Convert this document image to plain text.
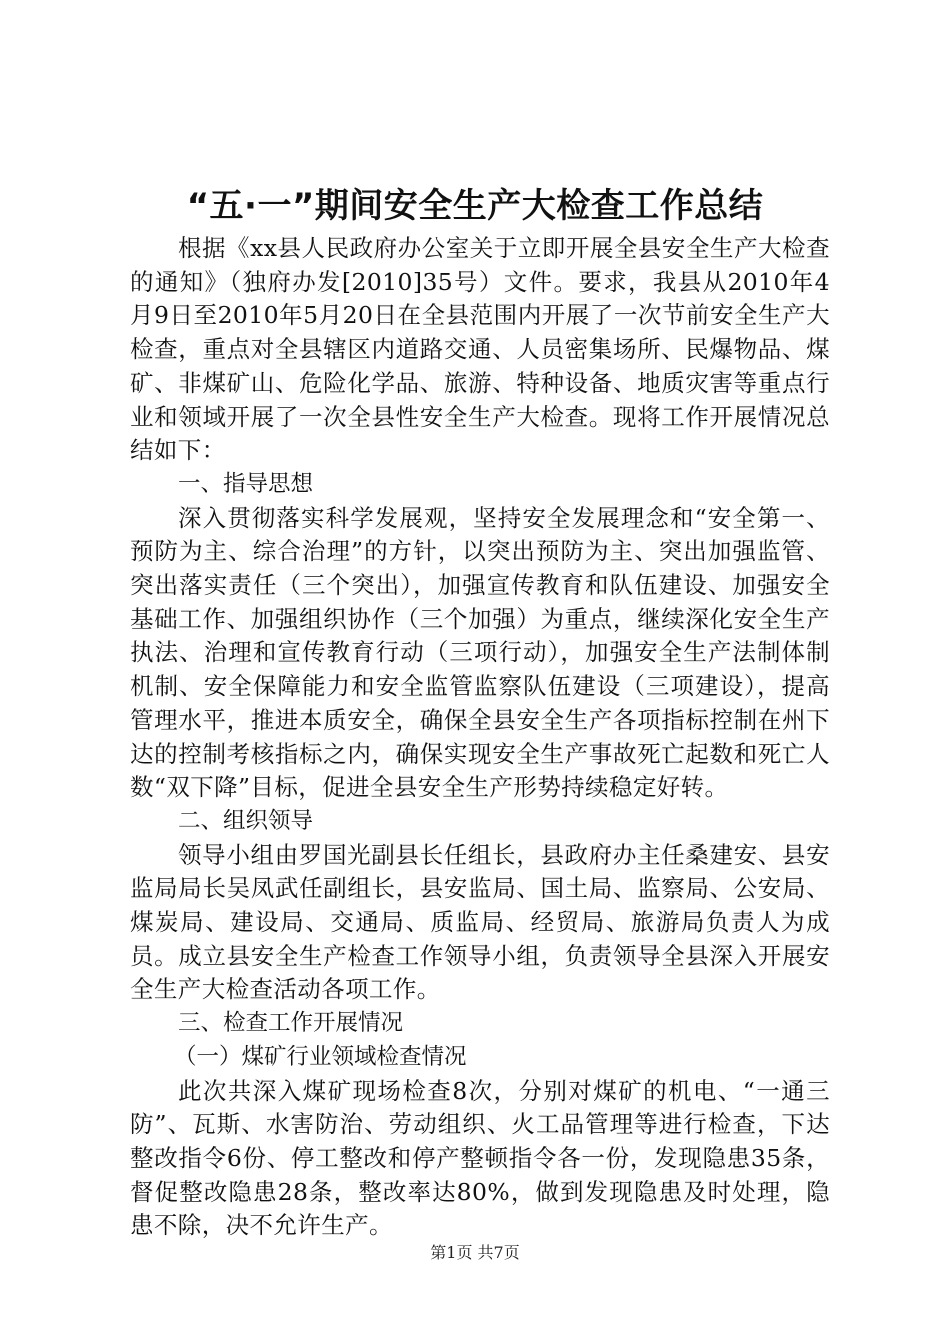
“五·一”期间安全生产大检查工作总结

根据《xx县人民政府办公室关于立即开展全县安全生产大检查的通知》（独府办发[2010]35号）文件。要求，我县从2010年4月9日至2010年5月20日在全县范围内开展了一次节前安全生产大检查，重点对全县辖区内道路交通、人员密集场所、民爆物品、煤矿、非煤矿山、危险化学品、旅游、特种设备、地质灾害等重点行业和领域开展了一次全县性安全生产大检查。现将工作开展情况总结如下：

一、指导思想

深入贯彻落实科学发展观，坚持安全发展理念和“安全第一、预防为主、综合治理”的方针，以突出预防为主、突出加强监管、突出落实责任（三个突出），加强宣传教育和队伍建设、加强安全基础工作、加强组织协作（三个加强）为重点，继续深化安全生产执法、治理和宣传教育行动（三项行动），加强安全生产法制体制机制、安全保障能力和安全监管监察队伍建设（三项建设），提高管理水平，推进本质安全，确保全县安全生产各项指标控制在州下达的控制考核指标之内，确保实现安全生产事故死亡起数和死亡人数“双下降”目标，促进全县安全生产形势持续稳定好转。

二、组织领导

领导小组由罗国光副县长任组长，县政府办主任桑建安、县安监局局长吴凤武任副组长，县安监局、国土局、监察局、公安局、煤炭局、建设局、交通局、质监局、经贸局、旅游局负责人为成员。成立县安全生产检查工作领导小组，负责领导全县深入开展安全生产大检查活动各项工作。

三、检查工作开展情况
（一）煤矿行业领域检查情况

此次共深入煤矿现场检查8次，分别对煤矿的机电、“一通三防”、瓦斯、水害防治、劳动组织、火工品管理等进行检查，下达整改指令6份、停工整改和停产整顿指令各一份，发现隐患35条，督促整改隐患28条，整改率达80%，做到发现隐患及时处理，隐患不除，决不允许生产。

第1页 共7页
